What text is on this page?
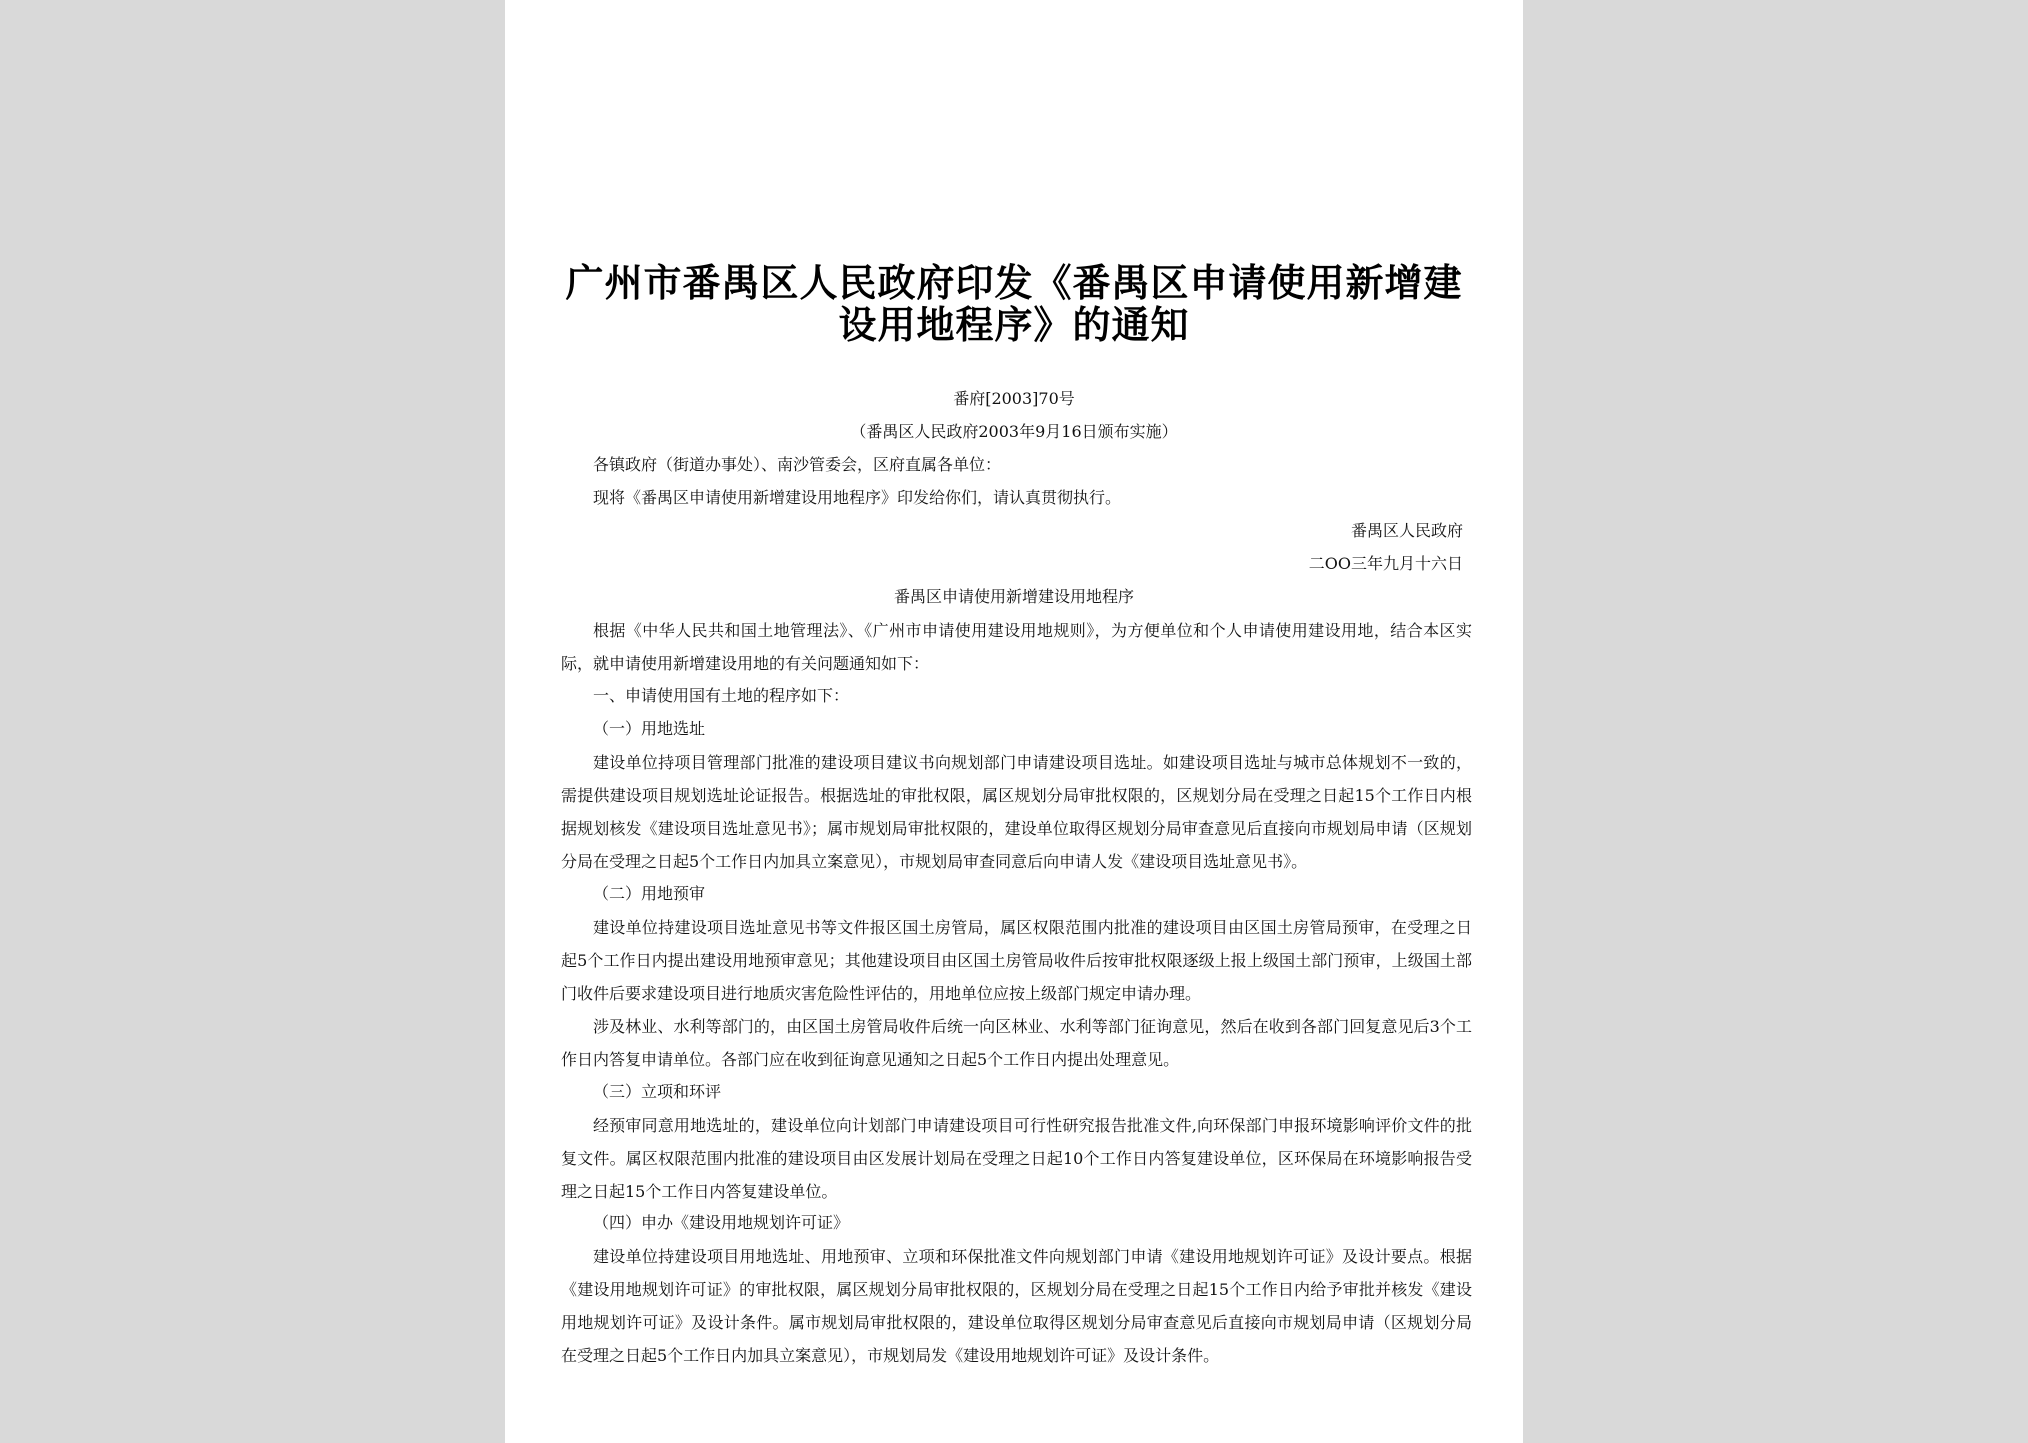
广州市番禺区人民政府印发《番禺区申请使用新增建
设用地程序》的通知
番府[2003]70号
（番禺区人民政府2003年9月16日颁布实施）
各镇政府（街道办事处）、南沙管委会，区府直属各单位：
现将《番禺区申请使用新增建设用地程序》印发给你们，请认真贯彻执行。
番禺区人民政府
二OO三年九月十六日
番禺区申请使用新增建设用地程序
根据《中华人民共和国土地管理法》、《广州市申请使用建设用地规则》，为方便单位和个人申请使用建设用地，结合本区实际，就申请使用新增建设用地的有关问题通知如下：
一、申请使用国有土地的程序如下：
（一）用地选址
建设单位持项目管理部门批准的建设项目建议书向规划部门申请建设项目选址。如建设项目选址与城市总体规划不一致的，需提供建设项目规划选址论证报告。根据选址的审批权限，属区规划分局审批权限的，区规划分局在受理之日起15个工作日内根据规划核发《建设项目选址意见书》；属市规划局审批权限的，建设单位取得区规划分局审查意见后直接向市规划局申请（区规划分局在受理之日起5个工作日内加具立案意见），市规划局审查同意后向申请人发《建设项目选址意见书》。
（二）用地预审
建设单位持建设项目选址意见书等文件报区国土房管局，属区权限范围内批准的建设项目由区国土房管局预审，在受理之日起5个工作日内提出建设用地预审意见；其他建设项目由区国土房管局收件后按审批权限逐级上报上级国土部门预审，上级国土部门收件后要求建设项目进行地质灾害危险性评估的，用地单位应按上级部门规定申请办理。
涉及林业、水利等部门的，由区国土房管局收件后统一向区林业、水利等部门征询意见，然后在收到各部门回复意见后3个工作日内答复申请单位。各部门应在收到征询意见通知之日起5个工作日内提出处理意见。
（三）立项和环评
经预审同意用地选址的，建设单位向计划部门申请建设项目可行性研究报告批准文件,向环保部门申报环境影响评价文件的批复文件。属区权限范围内批准的建设项目由区发展计划局在受理之日起10个工作日内答复建设单位，区环保局在环境影响报告受理之日起15个工作日内答复建设单位。
（四）申办《建设用地规划许可证》
建设单位持建设项目用地选址、用地预审、立项和环保批准文件向规划部门申请《建设用地规划许可证》及设计要点。根据《建设用地规划许可证》的审批权限，属区规划分局审批权限的，区规划分局在受理之日起15个工作日内给予审批并核发《建设用地规划许可证》及设计条件。属市规划局审批权限的，建设单位取得区规划分局审查意见后直接向市规划局申请（区规划分局在受理之日起5个工作日内加具立案意见），市规划局发《建设用地规划许可证》及设计条件。
